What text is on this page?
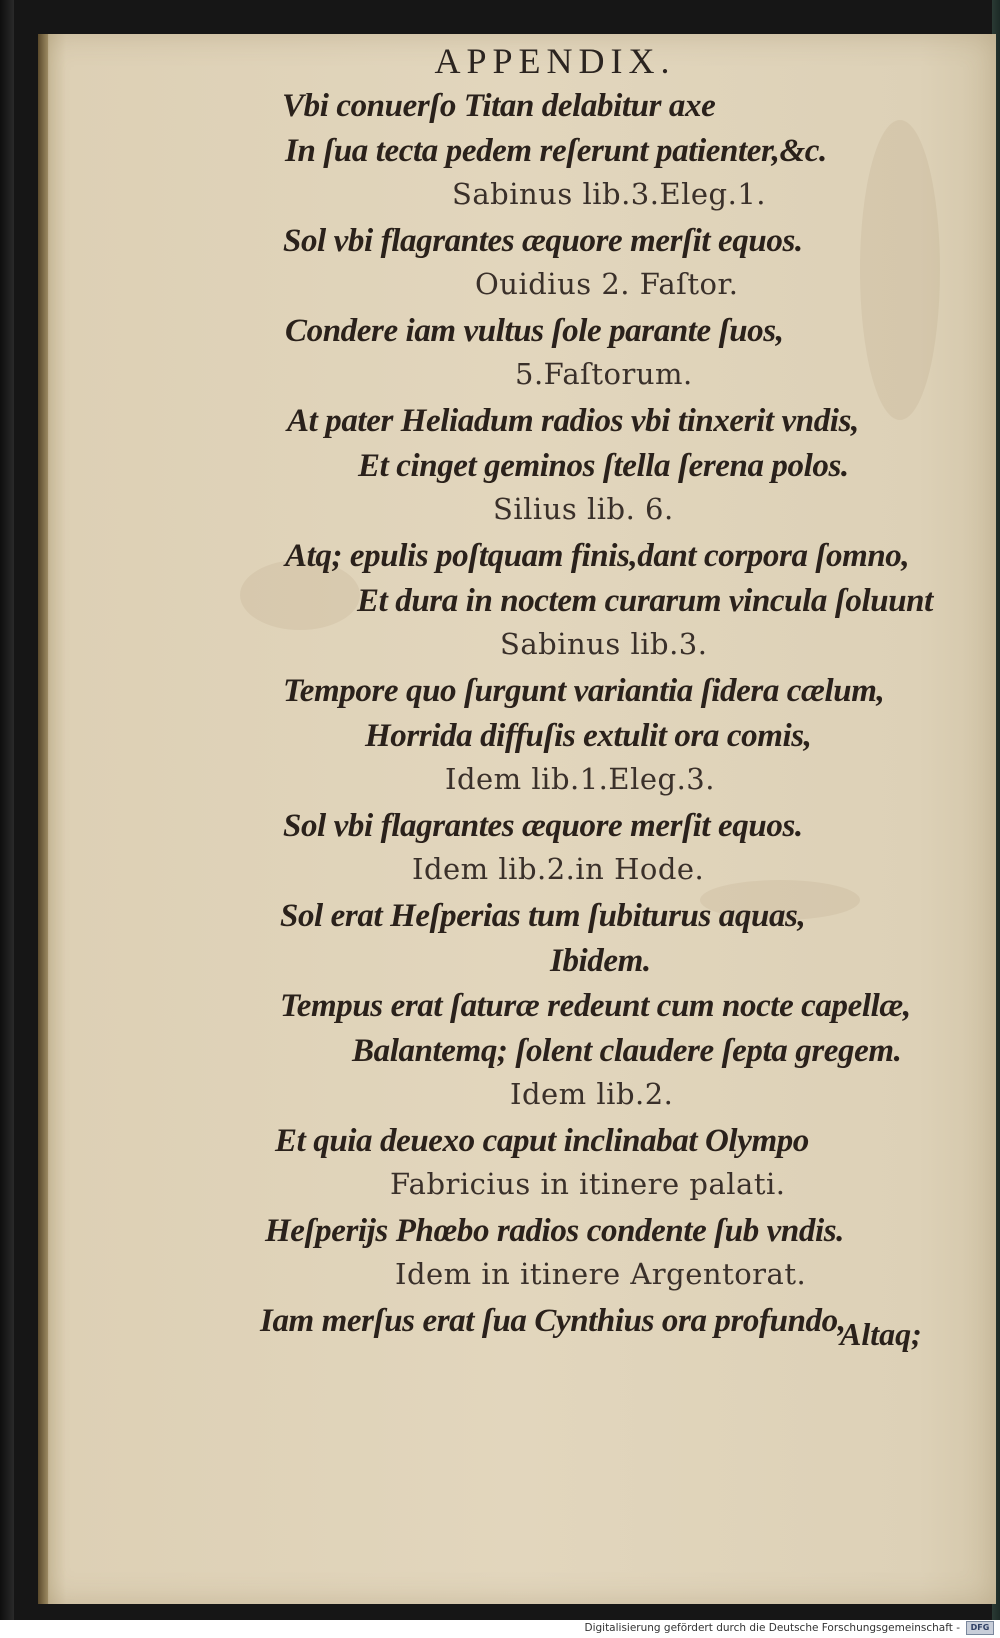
APPENDIX.
Vbi conuerſo Titan delabitur axe
In ſua tecta pedem reſerunt patienter,&c.
Sabinus lib.3.Eleg.1.
Sol vbi flagrantes æquore merſit equos.
Ouidius 2. Faſtor.
Condere iam vultus ſole parante ſuos,
5.Faſtorum.
At pater Heliadum radios vbi tinxerit vndis,
Et cinget geminos ſtella ſerena polos.
Silius lib. 6.
Atq; epulis poſtquam finis,dant corpora ſomno,
Et dura in noctem curarum vincula ſoluunt
Sabinus lib.3.
Tempore quo ſurgunt variantia ſidera cælum,
Horrida diffuſis extulit ora comis,
Idem lib.1.Eleg.3.
Sol vbi flagrantes æquore merſit equos.
Idem lib.2.in Hode.
Sol erat Heſperias tum ſubiturus aquas,
Ibidem.
Tempus erat ſaturæ redeunt cum nocte capellæ,
Balantemq; ſolent claudere ſepta gregem.
Idem lib.2.
Et quia deuexo caput inclinabat Olympo
Fabricius in itinere palati.
Heſperijs Phœbo radios condente ſub vndis.
Idem in itinere Argentorat.
Iam merſus erat ſua Cynthius ora profundo,
Altaq;
Digitalisierung gefördert durch die Deutsche Forschungsgemeinschaft -	DFG
